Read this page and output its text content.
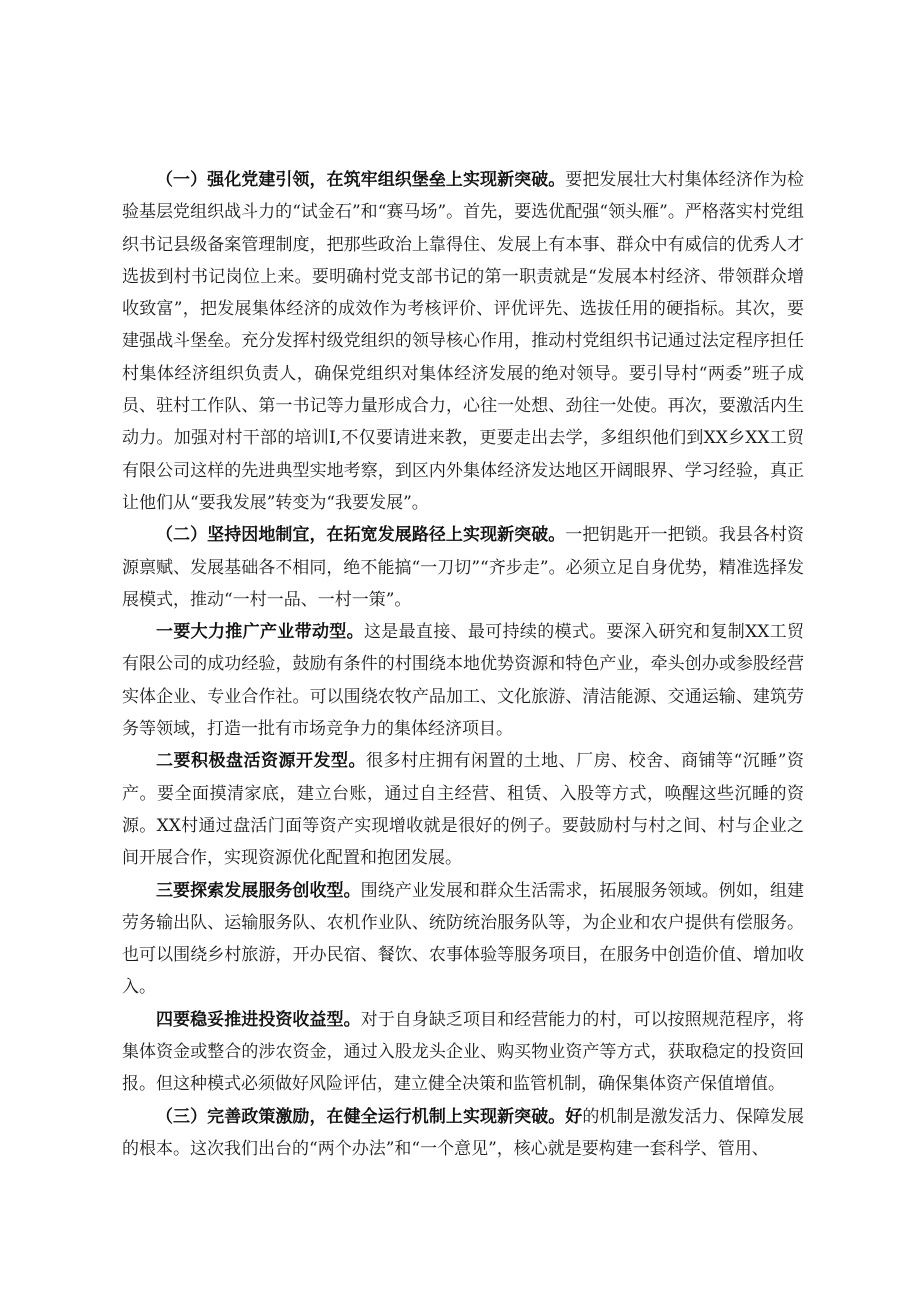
（一）强化党建引领，在筑牢组织堡垒上实现新突破。要把发展壮大村集体经济作为检验基层党组织战斗力的“试金石”和“赛马场”。首先，要选优配强“领头雁”。严格落实村党组织书记县级备案管理制度，把那些政治上靠得住、发展上有本事、群众中有威信的优秀人才选拔到村书记岗位上来。要明确村党支部书记的第一职责就是“发展本村经济、带领群众增收致富”，把发展集体经济的成效作为考核评价、评优评先、选拔任用的硬指标。其次，要建强战斗堡垒。充分发挥村级党组织的领导核心作用，推动村党组织书记通过法定程序担任村集体经济组织负责人，确保党组织对集体经济发展的绝对领导。要引导村“两委”班子成员、驻村工作队、第一书记等力量形成合力，心往一处想、劲往一处使。再次，要激活内生动力。加强对村干部的培训I,不仅要请进来教，更要走出去学，多组织他们到XX乡XX工贸有限公司这样的先进典型实地考察，到区内外集体经济发达地区开阔眼界、学习经验，真正让他们从“要我发展”转变为“我要发展”。

（二）坚持因地制宜，在拓宽发展路径上实现新突破。一把钥匙开一把锁。我县各村资源禀赋、发展基础各不相同，绝不能搞“一刀切”“齐步走”。必须立足自身优势，精准选择发展模式，推动“一村一品、一村一策”。

一要大力推广产业带动型。这是最直接、最可持续的模式。要深入研究和复制XX工贸有限公司的成功经验，鼓励有条件的村围绕本地优势资源和特色产业，牵头创办或参股经营实体企业、专业合作社。可以围绕农牧产品加工、文化旅游、清洁能源、交通运输、建筑劳务等领域，打造一批有市场竞争力的集体经济项目。

二要积极盘活资源开发型。很多村庄拥有闲置的土地、厂房、校舍、商铺等“沉睡”资产。要全面摸清家底，建立台账，通过自主经营、租赁、入股等方式，唤醒这些沉睡的资源。XX村通过盘活门面等资产实现增收就是很好的例子。要鼓励村与村之间、村与企业之间开展合作，实现资源优化配置和抱团发展。

三要探索发展服务创收型。围绕产业发展和群众生活需求，拓展服务领域。例如，组建劳务输出队、运输服务队、农机作业队、统防统治服务队等，为企业和农户提供有偿服务。也可以围绕乡村旅游，开办民宿、餐饮、农事体验等服务项目，在服务中创造价值、增加收入。

四要稳妥推进投资收益型。对于自身缺乏项目和经营能力的村，可以按照规范程序，将集体资金或整合的涉农资金，通过入股龙头企业、购买物业资产等方式，获取稳定的投资回报。但这种模式必须做好风险评估，建立健全决策和监管机制，确保集体资产保值增值。

（三）完善政策激励，在健全运行机制上实现新突破。好的机制是激发活力、保障发展的根本。这次我们出台的“两个办法”和“一个意见”，核心就是要构建一套科学、管用、
